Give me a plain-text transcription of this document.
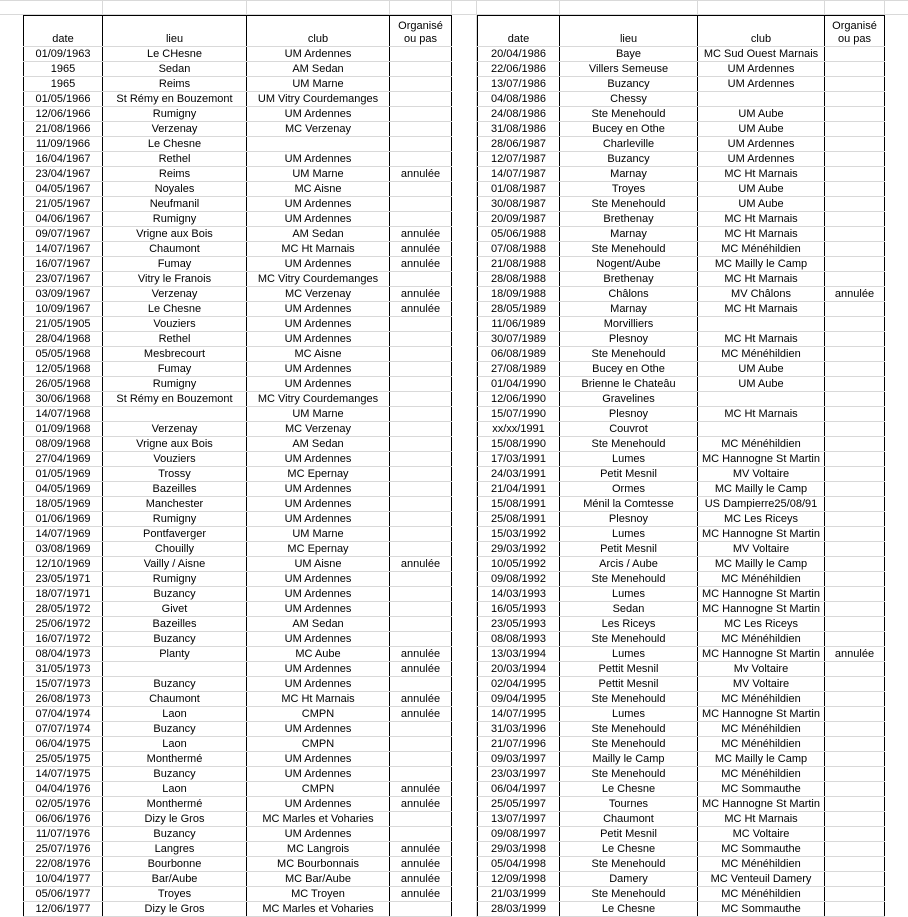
date	lieu	club	Organisé
ou pas

01/09/1963	Le CHesne	UM Ardennes	
1965	Sedan	AM Sedan	
1965	Reims	UM Marne	
01/05/1966	St Rémy en Bouzemont	UM Vitry Courdemanges	
12/06/1966	Rumigny	UM Ardennes	
21/08/1966	Verzenay	MC Verzenay	
11/09/1966	Le Chesne		
16/04/1967	Rethel	UM Ardennes	
23/04/1967	Reims	UM Marne	annulée
04/05/1967	Noyales	MC Aisne	
21/05/1967	Neufmanil	UM Ardennes	
04/06/1967	Rumigny	UM Ardennes	
09/07/1967	Vrigne aux Bois	AM Sedan	annulée
14/07/1967	Chaumont	MC Ht Marnais	annulée
16/07/1967	Fumay	UM Ardennes	annulée
23/07/1967	Vitry le Franois	MC Vitry Courdemanges	
03/09/1967	Verzenay	MC Verzenay	annulée
10/09/1967	Le Chesne	UM Ardennes	annulée
21/05/1905	Vouziers	UM Ardennes	
28/04/1968	Rethel	UM Ardennes	
05/05/1968	Mesbrecourt	MC Aisne	
12/05/1968	Fumay	UM Ardennes	
26/05/1968	Rumigny	UM Ardennes	
30/06/1968	St Rémy en Bouzemont	MC Vitry Courdemanges	
14/07/1968		UM Marne	
01/09/1968	Verzenay	MC Verzenay	
08/09/1968	Vrigne aux Bois	AM Sedan	
27/04/1969	Vouziers	UM Ardennes	
01/05/1969	Trossy	MC Epernay	
04/05/1969	Bazeilles	UM Ardennes	
18/05/1969	Manchester	UM Ardennes	
01/06/1969	Rumigny	UM Ardennes	
14/07/1969	Pontfaverger	UM Marne	
03/08/1969	Chouilly	MC Epernay	
12/10/1969	Vailly / Aisne	UM Aisne	annulée
23/05/1971	Rumigny	UM Ardennes	
18/07/1971	Buzancy	UM Ardennes	
28/05/1972	Givet	UM Ardennes	
25/06/1972	Bazeilles	AM Sedan	
16/07/1972	Buzancy	UM Ardennes	
08/04/1973	Planty	MC Aube	annulée
31/05/1973		UM Ardennes	annulée
15/07/1973	Buzancy	UM Ardennes	
26/08/1973	Chaumont	MC Ht Marnais	annulée
07/04/1974	Laon	CMPN	annulée
07/07/1974	Buzancy	UM Ardennes	
06/04/1975	Laon	CMPN	
25/05/1975	Monthermé	UM Ardennes	
14/07/1975	Buzancy	UM Ardennes	
04/04/1976	Laon	CMPN	annulée
02/05/1976	Monthermé	UM Ardennes	annulée
06/06/1976	Dizy le Gros	MC Marles et Voharies	
11/07/1976	Buzancy	UM Ardennes	
25/07/1976	Langres	MC Langrois	annulée
22/08/1976	Bourbonne	MC Bourbonnais	annulée
10/04/1977	Bar/Aube	MC Bar/Aube	annulée
05/06/1977	Troyes	MC Troyen	annulée
12/06/1977	Dizy le Gros	MC Marles et Voharies	
date	lieu	club	Organisé
ou pas

20/04/1986	Baye	MC Sud Ouest Marnais	
22/06/1986	Villers Semeuse	UM Ardennes	
13/07/1986	Buzancy	UM Ardennes	
04/08/1986	Chessy		
24/08/1986	Ste Menehould	UM Aube	
31/08/1986	Bucey en Othe	UM Aube	
28/06/1987	Charleville	UM Ardennes	
12/07/1987	Buzancy	UM Ardennes	
14/07/1987	Marnay	MC Ht Marnais	
01/08/1987	Troyes	UM Aube	
30/08/1987	Ste Menehould	UM Aube	
20/09/1987	Brethenay	MC Ht Marnais	
05/06/1988	Marnay	MC Ht Marnais	
07/08/1988	Ste Menehould	MC Ménéhildien	
21/08/1988	Nogent/Aube	MC Mailly le Camp	
28/08/1988	Brethenay	MC Ht Marnais	
18/09/1988	Châlons	MV Châlons	annulée
28/05/1989	Marnay	MC Ht Marnais	
11/06/1989	Morvilliers		
30/07/1989	Plesnoy	MC Ht Marnais	
06/08/1989	Ste Menehould	MC Ménéhildien	
27/08/1989	Bucey en Othe	UM Aube	
01/04/1990	Brienne le Chateâu	UM Aube	
12/06/1990	Gravelines		
15/07/1990	Plesnoy	MC Ht Marnais	
xx/xx/1991	Couvrot		
15/08/1990	Ste Menehould	MC Ménéhildien	
17/03/1991	Lumes	MC Hannogne St Martin	
24/03/1991	Petit Mesnil	MV Voltaire	
21/04/1991	Ormes	MC Mailly le Camp	
15/08/1991	Ménil la Comtesse	US Dampierre25/08/91	
25/08/1991	Plesnoy	MC Les Riceys	
15/03/1992	Lumes	MC Hannogne St Martin	
29/03/1992	Petit Mesnil	MV Voltaire	
10/05/1992	Arcis / Aube	MC Mailly le Camp	
09/08/1992	Ste Menehould	MC Ménéhildien	
14/03/1993	Lumes	MC Hannogne St Martin	
16/05/1993	Sedan	MC Hannogne St Martin	
23/05/1993	Les Riceys	MC Les Riceys	
08/08/1993	Ste Menehould	MC Ménéhildien	
13/03/1994	Lumes	MC Hannogne St Martin	annulée
20/03/1994	Pettit Mesnil	Mv Voltaire	
02/04/1995	Pettit Mesnil	MV Voltaire	
09/04/1995	Ste Menehould	MC Ménéhildien	
14/07/1995	Lumes	MC Hannogne St Martin	
31/03/1996	Ste Menehould	MC Ménéhildien	
21/07/1996	Ste Menehould	MC Ménéhildien	
09/03/1997	Mailly le Camp	MC Mailly le Camp	
23/03/1997	Ste Menehould	MC Ménéhildien	
06/04/1997	Le Chesne	MC Sommauthe	
25/05/1997	Tournes	MC Hannogne St Martin	
13/07/1997	Chaumont	MC Ht Marnais	
09/08/1997	Petit Mesnil	MC Voltaire	
29/03/1998	Le Chesne	MC Sommauthe	
05/04/1998	Ste Menehould	MC Ménéhildien	
12/09/1998	Damery	MC Venteuil Damery	
21/03/1999	Ste Menehould	MC Ménéhildien	
28/03/1999	Le Chesne	MC Sommauthe	
